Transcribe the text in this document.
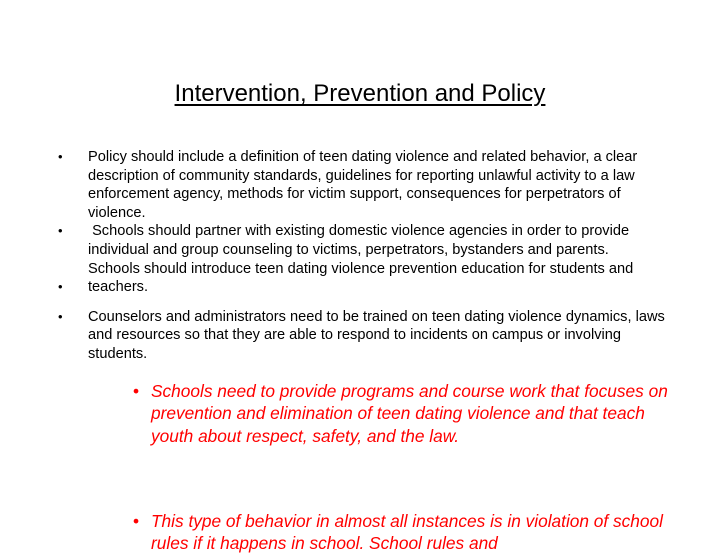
Intervention, Prevention and Policy
•
•
•
Policy should include a definition of teen dating violence and related behavior, a clear description of community standards, guidelines for reporting unlawful activity to a law enforcement agency, methods for victim support, consequences for perpetrators of violence.
Schools should partner with existing domestic violence agencies in order to provide individual and group counseling to victims, perpetrators, bystanders and parents.
Schools should introduce teen dating violence prevention education for students and teachers.
• Counselors and administrators need to be trained on teen dating violence dynamics, laws and resources so that they are able to respond to incidents on campus or involving students.
• Schools need to provide programs and course work that focuses on prevention and elimination of teen dating violence and that teach youth about respect, safety, and the law.
• This type of behavior in almost all instances is in violation of school rules if it happens in school. School rules and
